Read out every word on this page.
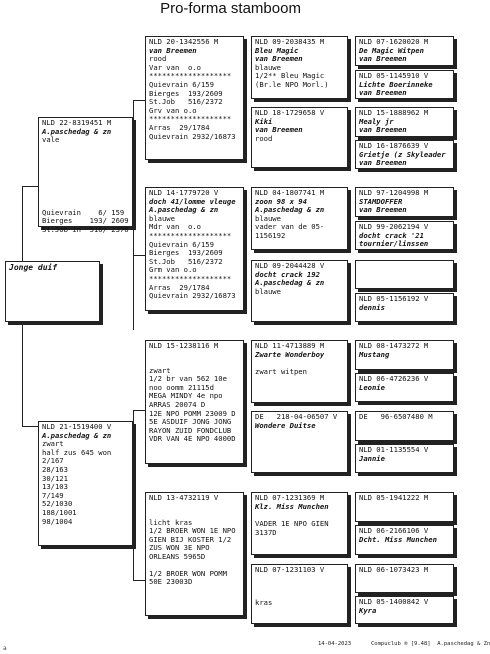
Pro-forma stamboom
Jonge duif
NLD 22-8319451 M
A.paschedag & zn
vale
Quievrain    6/ 159
Bierges    193/ 2609
St.Job in  516/ 2376
NLD 21-1519400 V
A.paschedag & zn
zwart
half zus 645 won
2/167
28/163
30/121
13/103
7/149
52/1030
188/1001
98/1004
NLD 20-1342556 M
van Breemen
rood
Var van  o.o
*******************
Quievrain 6/159
Bierges  193/2609
St.Job   516/2372
Grv van o.o
*******************
Arras  29/1784
Quievrain 2932/16873
NLD 14-1779720 V
doch 41/lomme vleuge
A.paschedag & zn
blauwe
Mdr van  o.o
*******************
Quievrain 6/159
Bierges  193/2609
St.Job   516/2372
Grm van o.o
*******************
Arras  29/1784
Quievrain 2932/16873
NLD 15-1238116 M
zwart
1/2 br van 562 10e
noo oomm 21115d
MEGA MINDY 4e npo
ARRAS 20074 D
12E NPO POMM 23009 D
5E ASDUIF JONG JONG
RAYON ZUID FONDCLUB
VDR VAN 4E NPO 4000D
NLD 13-4732119 V
licht kras
1/2 BROER WON 1E NPO
GIEN BIJ KOSTER 1/2
ZUS WON 3E NPO
ORLEANS 5965D
1/2 BROER WON POMM
50E 23003D
NLD 09-2038435 M
Bleu Magic
van Breemen
blauwe
1/2** Bleu Magic
(Br.le NPO Morl.)
NLD 18-1729658 V
Kiki
van Breemen
rood
NLD 04-1807741 M
zoon 98 x 94
A.paschedag & zn
blauwe
vader van de 05-
1156192
NLD 09-2044428 V
docht crack 192
A.paschedag & zn
blauwe
NLD 11-4713889 M
Zwarte Wonderboy
zwart witpen
DE   218-04-06507 V
Wondere Duitse
NLD 07-1231369 M
Klz. Miss Munchen
VADER 1E NPO GIEN
3137D
NLD 07-1231103 V
kras
NLD 07-1620020 M
De Magic Witpen
van Breemen
NLD 05-1145910 V
Lichte Boerinneke
van Breemen
NLD 15-1888962 M
Mealy jr
van Breemen
NLD 16-1876639 V
Grietje (z Skyleader
van Breemen
NLD 97-1204998 M
STAMDOFFER
van Breemen
NLD 99-2062194 V
docht crack '21
tournier/linssen
NLD 05-1156192 V
dennis
NLD 08-1473272 M
Mustang
NLD 06-4726236 V
Leonie
DE   96-6507480 M
NLD 01-1135554 V
Jannie
NLD 05-1941222 M
NLD 06-2166106 V
Dcht. Miss Munchen
NLD 06-1073423 M
NLD 05-1400842 V
Kyra
14-04-2023      Compuclub ® [9.48]  A.paschedag & Zn
a
